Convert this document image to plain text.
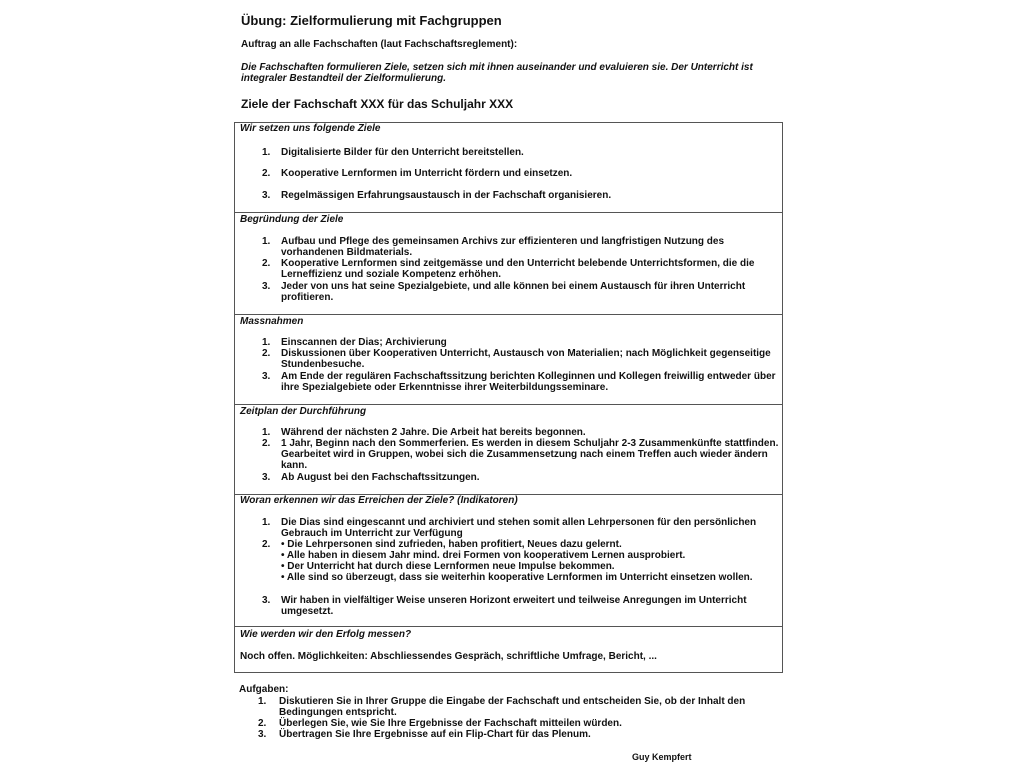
Übung: Zielformulierung mit Fachgruppen
Auftrag an alle Fachschaften (laut Fachschaftsreglement):
Die Fachschaften formulieren Ziele, setzen sich mit ihnen auseinander und evaluieren sie. Der Unterricht ist integraler Bestandteil der Zielformulierung.
Ziele der Fachschaft XXX für das Schuljahr XXX
Wir setzen uns folgende Ziele
1. Digitalisierte Bilder für den Unterricht bereitstellen.
2. Kooperative Lernformen im Unterricht fördern und einsetzen.
3. Regelmässigen Erfahrungsaustausch in der Fachschaft organisieren.
Begründung der Ziele
1. Aufbau und Pflege des gemeinsamen Archivs zur effizienteren und langfristigen Nutzung des vorhandenen Bildmaterials.
2. Kooperative Lernformen sind zeitgemässe und den Unterricht belebende Unterrichtsformen, die die Lerneffizienz und soziale Kompetenz erhöhen.
3. Jeder von uns hat seine Spezialgebiete, und alle können bei einem Austausch für ihren Unterricht profitieren.
Massnahmen
1. Einscannen der Dias; Archivierung
2. Diskussionen über Kooperativen Unterricht, Austausch von Materialien; nach Möglichkeit gegenseitige Stundenbesuche.
3. Am Ende der regulären Fachschaftssitzung berichten Kolleginnen und Kollegen freiwillig entweder über ihre Spezialgebiete oder Erkenntnisse ihrer Weiterbildungsseminare.
Zeitplan der Durchführung
1. Während der nächsten 2 Jahre. Die Arbeit hat bereits begonnen.
2. 1 Jahr, Beginn nach den Sommerferien. Es werden in diesem Schuljahr 2-3 Zusammenkünfte stattfinden. Gearbeitet wird in Gruppen, wobei sich die Zusammensetzung nach einem Treffen auch wieder ändern kann.
3. Ab August bei den Fachschaftssitzungen.
Woran erkennen wir das Erreichen der Ziele? (Indikatoren)
1. Die Dias sind eingescannt und archiviert und stehen somit allen Lehrpersonen für den persönlichen Gebrauch im Unterricht zur Verfügung
2. • Die Lehrpersonen sind zufrieden, haben profitiert, Neues dazu gelernt.
• Alle haben in diesem Jahr mind. drei Formen von kooperativem Lernen ausprobiert.
• Der Unterricht hat durch diese Lernformen neue Impulse bekommen.
• Alle sind so überzeugt, dass sie weiterhin kooperative Lernformen im Unterricht einsetzen wollen.
3. Wir haben in vielfältiger Weise unseren Horizont erweitert und teilweise Anregungen im Unterricht umgesetzt.
Wie werden wir den Erfolg messen?
Noch offen. Möglichkeiten: Abschliessendes Gespräch, schriftliche Umfrage, Bericht, ...
Aufgaben:
1. Diskutieren Sie in Ihrer Gruppe die Eingabe der Fachschaft und entscheiden Sie, ob der Inhalt den Bedingungen entspricht.
2. Überlegen Sie, wie Sie Ihre Ergebnisse der Fachschaft mitteilen würden.
3. Übertragen Sie Ihre Ergebnisse auf ein Flip-Chart für das Plenum.
Guy Kempfert
